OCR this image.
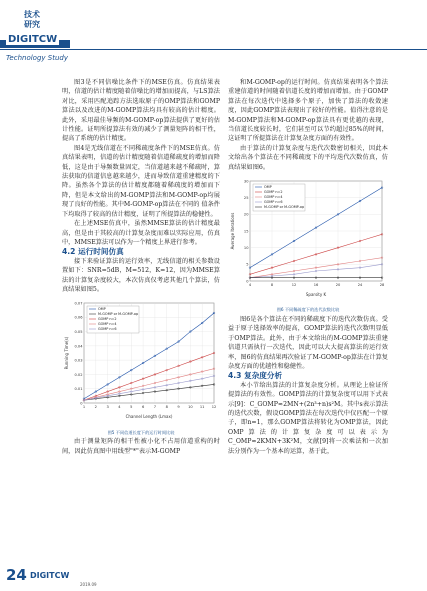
技术
研究
DIGITCW
Technology Study

图3是不同信噪比条件下的MSE仿真。仿真结果表明，信道的估计精度随着信噪比的增加而提高，与LS算法对比，采用匹配追踪方法选取原子的OMP算法和GOMP算法以及改进的M-GOMP算法均具有较高的估计精度。此外，采用最佳导频的M-GOMP-op算法提供了更好的估计性能。证明所提算法有效的减少了测量矩阵的相干性，提高了系统的估计精度。

图4是无线信道在不同稀疏度条件下的MSE仿真。仿真结果表明，信道的估计精度随着信道稀疏度的增加而降低，这是由于导频数量固定，当信道越来越不稀疏时，算法获取的信道信息越来越少，进而导致信道重建精度的下降。虽然各个算法的估计精度都随着稀疏度的增加而下降，但是本文给出的M-GOMP算法和M-GOMP-op均展现了良好的性能。其中M-GOMP-op算法在不同的 值条件下均取得了较高的估计精度，证明了所提算法的稳健性。

在上述MSE仿真中，虽然MMSE算法的估计精度最高，但是由于其较高的计算复杂度而难以实际应用，仿真中，MMSE算法可以作为一个精度上界进行参考。

4.2 运行时间仿真

接下来验证算法的运行效率，无线信道的相关参数设置如下：SNR=5dB，M=512，K=12，因为MMSE算法的计算复杂度较大，本次仿真仅考虑其他几个算法，仿真结果如图5。

0
0.01
0.02
0.03
0.04
0.05
0.06
0.07
1	2	3	4	5	6	7	8	9 10 11 12
Channel Length (Lmax)
Running Time(s)
OMP
M-GOMP or M-GOMP-op
GOMP n=2
GOMP n=4
GOMP n=6

图5 不同信道长度下的运行时间比较

由于测量矩阵的相干性被小化不占用信道重构的时间，因此仿真图中用线型"*"表示M-GOMP

和M-GOMP-op的运行时间。仿真结果表明各个算法重建信道的时间随着信道长度的增加而增加。由于GOMP算法在每次迭代中选择多个原子，加快了算法的收敛速度，因此GOMP算法表现出了较好的性能。值得注意的是M-GOMP算法和M-GOMP-op算法具有更优越的表现，当信道长度较长时，它们甚至可以节约超过85%的时间，这证明了所提算法在计算复杂度方面的有效性。

由于算法的计算复杂度与迭代次数密切相关，因此本文给出各个算法在不同稀疏度下的平均迭代次数仿真，仿真结果如图6。

0
5
10
15
20
25
30
4	8	12	16	20	24	28
Sparsity K
Average Iterations
OMP
GOMP n=2
GOMP n=4
GOMP n=6
M-GOMP or M-GOMP-op

图6 不同稀疏度下的迭代次数比较

图6是各个算法在不同的稀疏度下的迭代次数仿真。受益于原子选择效率的提高，GOMP算法的迭代次数明显低于OMP算法。此外，由于本文给出的M-GOMP算法重建信道只需执行一次迭代，因此可以大大提高算法的运行效率，图6的仿真结果再次验证了M-GOMP-op算法在计算复杂度方面的优越性和稳健性。

4.3 复杂度分析

本小节给出算法的计算复杂度分析。从理论上验证所提算法的有效性。GOMP算法的计算复杂度可以用下式表示[9]：C_GOMP≈2MN+(2n³+n)s²M。其中s表示算法的迭代次数，假设GOMP算法在每次迭代中仅匹配一个原子，即n=1，那么GOMP算法将转化为OMP算法，因此OMP算法的计算复杂度可以表示为C_OMP≈2KMN+3K²M，文献[9]将一次乘法和一次加法分别作为一个基本的运算，基于此，

24 DIGITCW
2019.09
